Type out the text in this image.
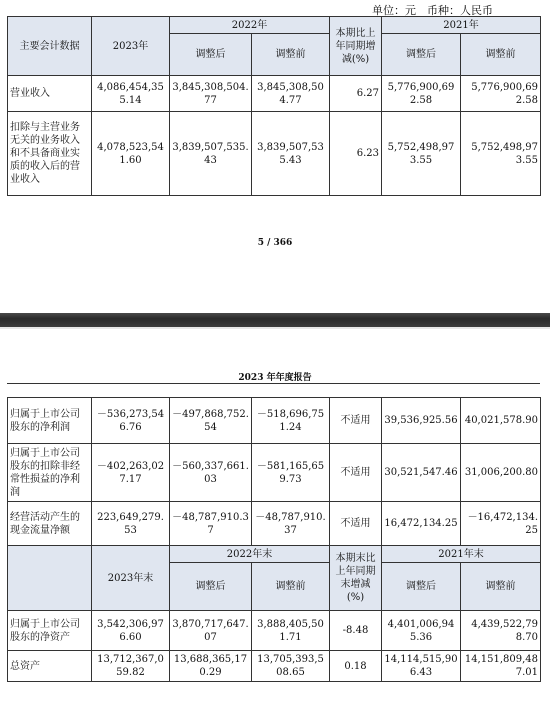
单位：元　币种：人民币
主要会计数据	2023年	2022年		本期比上年同期增减(%)	2021年	
		调整后	调整前		调整后	调整前
营业收入	4,086,454,355.14	3,845,308,504.77	3,845,308,504.77	6.27	5,776,900,692.58	5,776,900,692.58
扣除与主营业务无关的业务收入和不具备商业实质的收入后的营业收入	4,078,523,541.60	3,839,507,535.43	3,839,507,535.43	6.23	5,752,498,973.55	5,752,498,973.55
5 / 366
2023 年年度报告
归属于上市公司股东的净利润	－536,273,546.76	－497,868,752.54	－518,696,751.24	不适用	39,536,925.56	40,021,578.90
归属于上市公司股东的扣除非经常性损益的净利润	－402,263,027.17	－560,337,661.03	－581,165,659.73	不适用	30,521,547.46	31,006,200.80
经营活动产生的现金流量净额	223,649,279.53	－48,787,910.37	－48,787,910.37	不适用	16,472,134.25	－16,472,134.25
	2023年末	2022年末		本期末比上年同期末增减(%)	2021年末	
		调整后	调整前		调整后	调整前
归属于上市公司股东的净资产	3,542,306,976.60	3,870,717,647.07	3,888,405,501.71	-8.48	4,401,006,945.36	4,439,522,798.70
总资产	13,712,367,059.82	13,688,365,170.29	13,705,393,508.65	0.18	14,114,515,906.43	14,151,809,487.01
